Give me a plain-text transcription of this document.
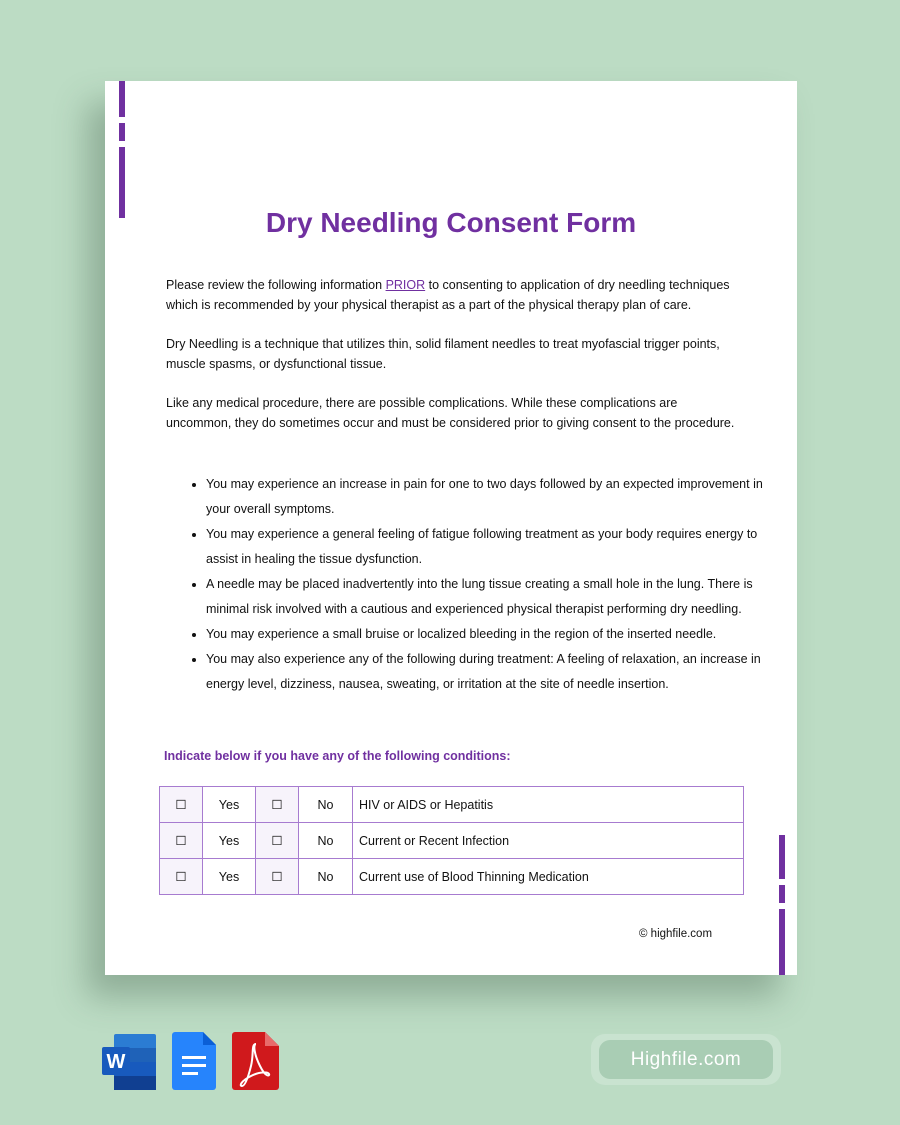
Dry Needling Consent Form
Please review the following information PRIOR to consenting to application of dry needling techniques which is recommended by your physical therapist as a part of the physical therapy plan of care.
Dry Needling is a technique that utilizes thin, solid filament needles to treat myofascial trigger points, muscle spasms, or dysfunctional tissue.
Like any medical procedure, there are possible complications. While these complications are uncommon, they do sometimes occur and must be considered prior to giving consent to the procedure.
• You may experience an increase in pain for one to two days followed by an expected improvement in your overall symptoms.
• You may experience a general feeling of fatigue following treatment as your body requires energy to assist in healing the tissue dysfunction.
• A needle may be placed inadvertently into the lung tissue creating a small hole in the lung. There is minimal risk involved with a cautious and experienced physical therapist performing dry needling.
• You may experience a small bruise or localized bleeding in the region of the inserted needle.
• You may also experience any of the following during treatment: A feeling of relaxation, an increase in energy level, dizziness, nausea, sweating, or irritation at the site of needle insertion.
Indicate below if you have any of the following conditions:
☐	Yes	☐	No	HIV or AIDS or Hepatitis
☐	Yes	☐	No	Current or Recent Infection
☐	Yes	☐	No	Current use of Blood Thinning Medication
© highfile.com
W	Highfile.com
